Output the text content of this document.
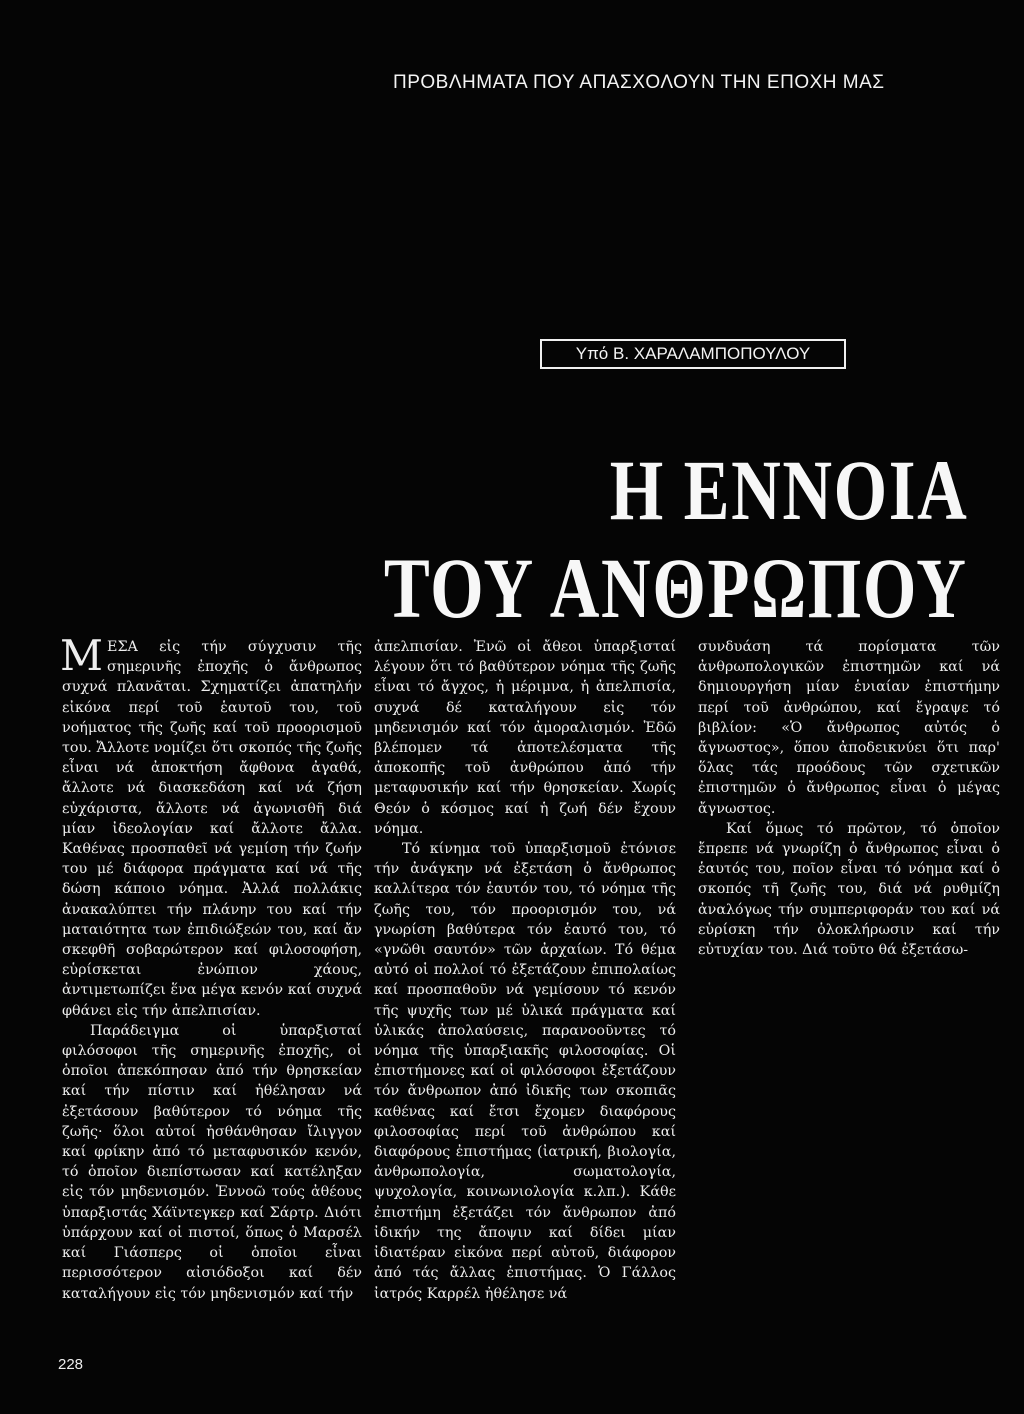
ΠΡΟΒΛΗΜΑΤΑ ΠΟΥ ΑΠΑΣΧΟΛΟΥΝ ΤΗΝ ΕΠΟΧΗ ΜΑΣ
Υπό Β. ΧΑΡΑΛΑΜΠΟΠΟΥΛΟΥ
Η ΕΝΝΟΙΑ
ΤΟΥ ΑΝΘΡΩΠΟΥ

ΜΕΣΑ εἰς τήν σύγχυσιν τῆς σημερινῆς ἐποχῆς ὁ ἄνθρωπος συχνά πλανᾶται. Σχηματίζει ἀπατηλήν εἰκόνα περί τοῦ ἑαυτοῦ του, τοῦ νοήματος τῆς ζωῆς καί τοῦ προορισμοῦ του. Ἄλλοτε νομίζει ὅτι σκοπός τῆς ζωῆς εἶναι νά ἀποκτήση ἄφθονα ἀγαθά, ἄλλοτε νά διασκεδάση καί νά ζήση εὐχάριστα, ἄλλοτε νά ἀγωνισθῆ διά μίαν ἰδεολογίαν καί ἄλλοτε ἄλλα. Καθένας προσπαθεῖ νά γεμίση τήν ζωήν του μέ διάφορα πράγματα καί νά τῆς δώση κάποιο νόημα. Ἀλλά πολλάκις ἀνακαλύπτει τήν πλάνην του καί τήν ματαιότητα των ἐπιδιώξεών του, καί ἄν σκεφθῆ σοβαρώτερον καί φιλοσοφήση, εὑρίσκεται ἐνώπιον χάους, ἀντιμετωπίζει ἕνα μέγα κενόν καί συχνά φθάνει εἰς τήν ἀπελπισίαν.

Παράδειγμα οἱ ὑπαρξισταί φιλόσοφοι τῆς σημερινῆς ἐποχῆς, οἱ ὁποῖοι ἀπεκόπησαν ἀπό τήν θρησκείαν καί τήν πίστιν καί ἠθέλησαν νά ἐξετάσουν βαθύτερον τό νόημα τῆς ζωῆς· ὅλοι αὐτοί ἠσθάνθησαν ἴλιγγον καί φρίκην ἀπό τό μεταφυσικόν κενόν, τό ὁποῖον διεπίστωσαν καί κατέληξαν εἰς τόν μηδενισμόν. Ἐννοῶ τούς ἀθέους ὑπαρξιστάς Χάϊντεγκερ καί Σάρτρ. Διότι ὑπάρχουν καί οἱ πιστοί, ὅπως ὁ Μαρσέλ καί Γιάσπερς οἱ ὁποῖοι εἶναι περισσότερον αἰσιόδοξοι καί δέν καταλήγουν εἰς τόν μηδενισμόν καί τήν

ἀπελπισίαν. Ἐνῶ οἱ ἄθεοι ὑπαρξισταί λέγουν ὅτι τό βαθύτερον νόημα τῆς ζωῆς εἶναι τό ἄγχος, ἡ μέριμνα, ἡ ἀπελπισία, συχνά δέ καταλήγουν εἰς τόν μηδενισμόν καί τόν ἀμοραλισμόν. Ἐδῶ βλέπομεν τά ἀποτελέσματα τῆς ἀποκοπῆς τοῦ ἀνθρώπου ἀπό τήν μεταφυσικήν καί τήν θρησκείαν. Χωρίς Θεόν ὁ κόσμος καί ἡ ζωή δέν ἔχουν νόημα.

Τό κίνημα τοῦ ὑπαρξισμοῦ ἐτόνισε τήν ἀνάγκην νά ἐξετάση ὁ ἄνθρωπος καλλίτερα τόν ἑαυτόν του, τό νόημα τῆς ζωῆς του, τόν προορισμόν του, νά γνωρίση βαθύτερα τόν ἑαυτό του, τό «γνῶθι σαυτόν» τῶν ἀρχαίων. Τό θέμα αὐτό οἱ πολλοί τό ἐξετάζουν ἐπιπολαίως καί προσπαθοῦν νά γεμίσουν τό κενόν τῆς ψυχῆς των μέ ὑλικά πράγματα καί ὑλικάς ἀπολαύσεις, παρανοοῦντες τό νόημα τῆς ὑπαρξιακῆς φιλοσοφίας. Οἱ ἐπιστήμονες καί οἱ φιλόσοφοι ἐξετάζουν τόν ἄνθρωπον ἀπό ἰδικῆς των σκοπιᾶς καθένας καί ἔτσι ἔχομεν διαφόρους φιλοσοφίας περί τοῦ ἀνθρώπου καί διαφόρους ἐπιστήμας (ἰατρική, βιολογία, ἀνθρωπολογία, σωματολογία, ψυχολογία, κοινωνιολογία κ.λπ.). Κάθε ἐπιστήμη ἐξετάζει τόν ἄνθρωπον ἀπό ἰδικήν της ἄποψιν καί δίδει μίαν ἰδιατέραν εἰκόνα περί αὐτοῦ, διάφορον ἀπό τάς ἄλλας ἐπιστήμας. Ὁ Γάλλος ἰατρός Καρρέλ ἠθέλησε νά

συνδυάση τά πορίσματα τῶν ἀνθρωπολογικῶν ἐπιστημῶν καί νά δημιουργήση μίαν ἑνιαίαν ἐπιστήμην περί τοῦ ἀνθρώπου, καί ἔγραψε τό βιβλίον: «Ὁ ἄνθρωπος αὐτός ὁ ἄγνωστος», ὅπου ἀποδεικνύει ὅτι παρ' ὅλας τάς προόδους τῶν σχετικῶν ἐπιστημῶν ὁ ἄνθρωπος εἶναι ὁ μέγας ἄγνωστος.

Καί ὅμως τό πρῶτον, τό ὁποῖον ἔπρεπε νά γνωρίζη ὁ ἄνθρωπος εἶναι ὁ ἑαυτός του, ποῖον εἶναι τό νόημα καί ὁ σκοπός τῆ ζωῆς του, διά νά ρυθμίζη ἀναλόγως τήν συμπεριφοράν του καί νά εὑρίσκη τήν ὁλοκλήρωσιν καί τήν εὐτυχίαν του. Διά τοῦτο θά ἐξετάσω-

228
